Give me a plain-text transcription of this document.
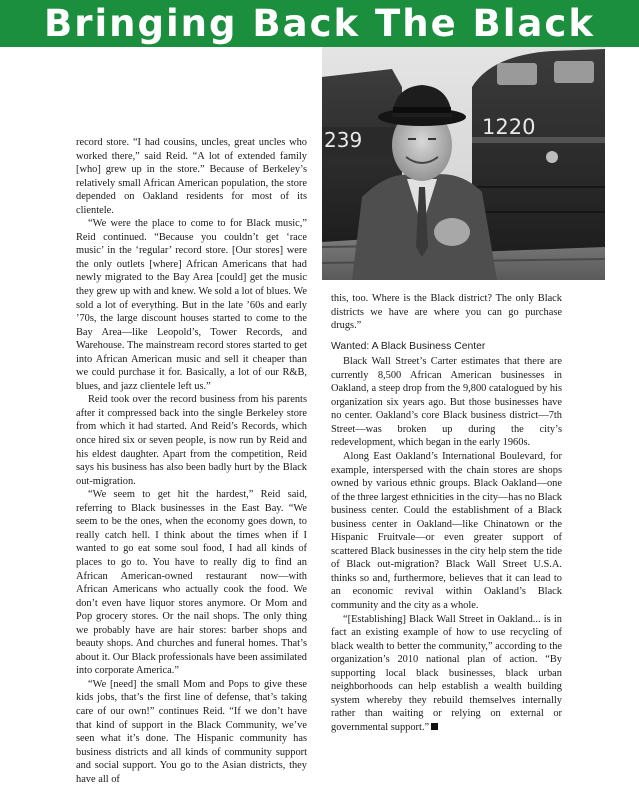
Bringing Back The Black
239
1220

record store. “I had cousins, uncles, great uncles who worked there,” said Reid. “A lot of extended family [who] grew up in the store.” Because of Berkeley’s relatively small African American population, the store depended on Oakland residents for most of its clientele.

“We were the place to come to for Black music,” Reid continued. “Because you couldn’t get ‘race music’ in the ‘regular’ record store. [Our stores] were the only outlets [where] African Americans that had newly migrated to the Bay Area [could] get the music they grew up with and knew. We sold a lot of blues. We sold a lot of everything. But in the late ’60s and early ’70s, the large discount houses started to come to the Bay Area—like Leopold’s, Tower Records, and Warehouse. The mainstream record stores started to get into African American music and sell it cheaper than we could purchase it for. Basically, a lot of our R&B, blues, and jazz clientele left us.”

Reid took over the record business from his parents after it compressed back into the single Berkeley store from which it had started. And Reid’s Records, which once hired six or seven people, is now run by Reid and his eldest daughter. Apart from the competition, Reid says his business has also been badly hurt by the Black out-migration.

“We seem to get hit the hardest,” Reid said, referring to Black businesses in the East Bay. “We seem to be the ones, when the economy goes down, to really catch hell. I think about the times when if I wanted to go eat some soul food, I had all kinds of places to go to. You have to really dig to find an African American-owned restaurant now—with African Americans who actually cook the food. We don’t even have liquor stores anymore. Or Mom and Pop grocery stores. Or the nail shops. The only thing we probably have are hair stores: barber shops and beauty shops. And churches and funeral homes. That’s about it. Our Black professionals have been assimilated into corporate America.”

“We [need] the small Mom and Pops to give these kids jobs, that’s the first line of defense, that’s taking care of our own!” continues Reid. “If we don’t have that kind of support in the Black Community, we’ve seen what it’s done. The Hispanic community has business districts and all kinds of community support and social support. You go to the Asian districts, they have all of

this, too. Where is the Black district? The only Black districts we have are where you can go purchase drugs.”

Wanted: A Black Business Center

Black Wall Street’s Carter estimates that there are currently 8,500 African American businesses in Oakland, a steep drop from the 9,800 catalogued by his organization six years ago. But those businesses have no center. Oakland’s core Black business district—7th Street—was broken up during the city’s redevelopment, which began in the early 1960s.

Along East Oakland’s International Boulevard, for example, interspersed with the chain stores are shops owned by various ethnic groups. Black Oakland—one of the three largest ethnicities in the city—has no Black business center. Could the establishment of a Black business center in Oakland—like Chinatown or the Hispanic Fruitvale—or even greater support of scattered Black businesses in the city help stem the tide of Black out-migration? Black Wall Street U.S.A. thinks so and, furthermore, believes that it can lead to an economic revival within Oakland’s Black community and the city as a whole.

“[Establishing] Black Wall Street in Oakland... is in fact an existing example of how to use recycling of black wealth to better the community,” according to the organization’s 2010 national plan of action. “By supporting local black businesses, black urban neighborhoods can help establish a wealth building system whereby they rebuild themselves internally rather than waiting or relying on external or governmental support.”
